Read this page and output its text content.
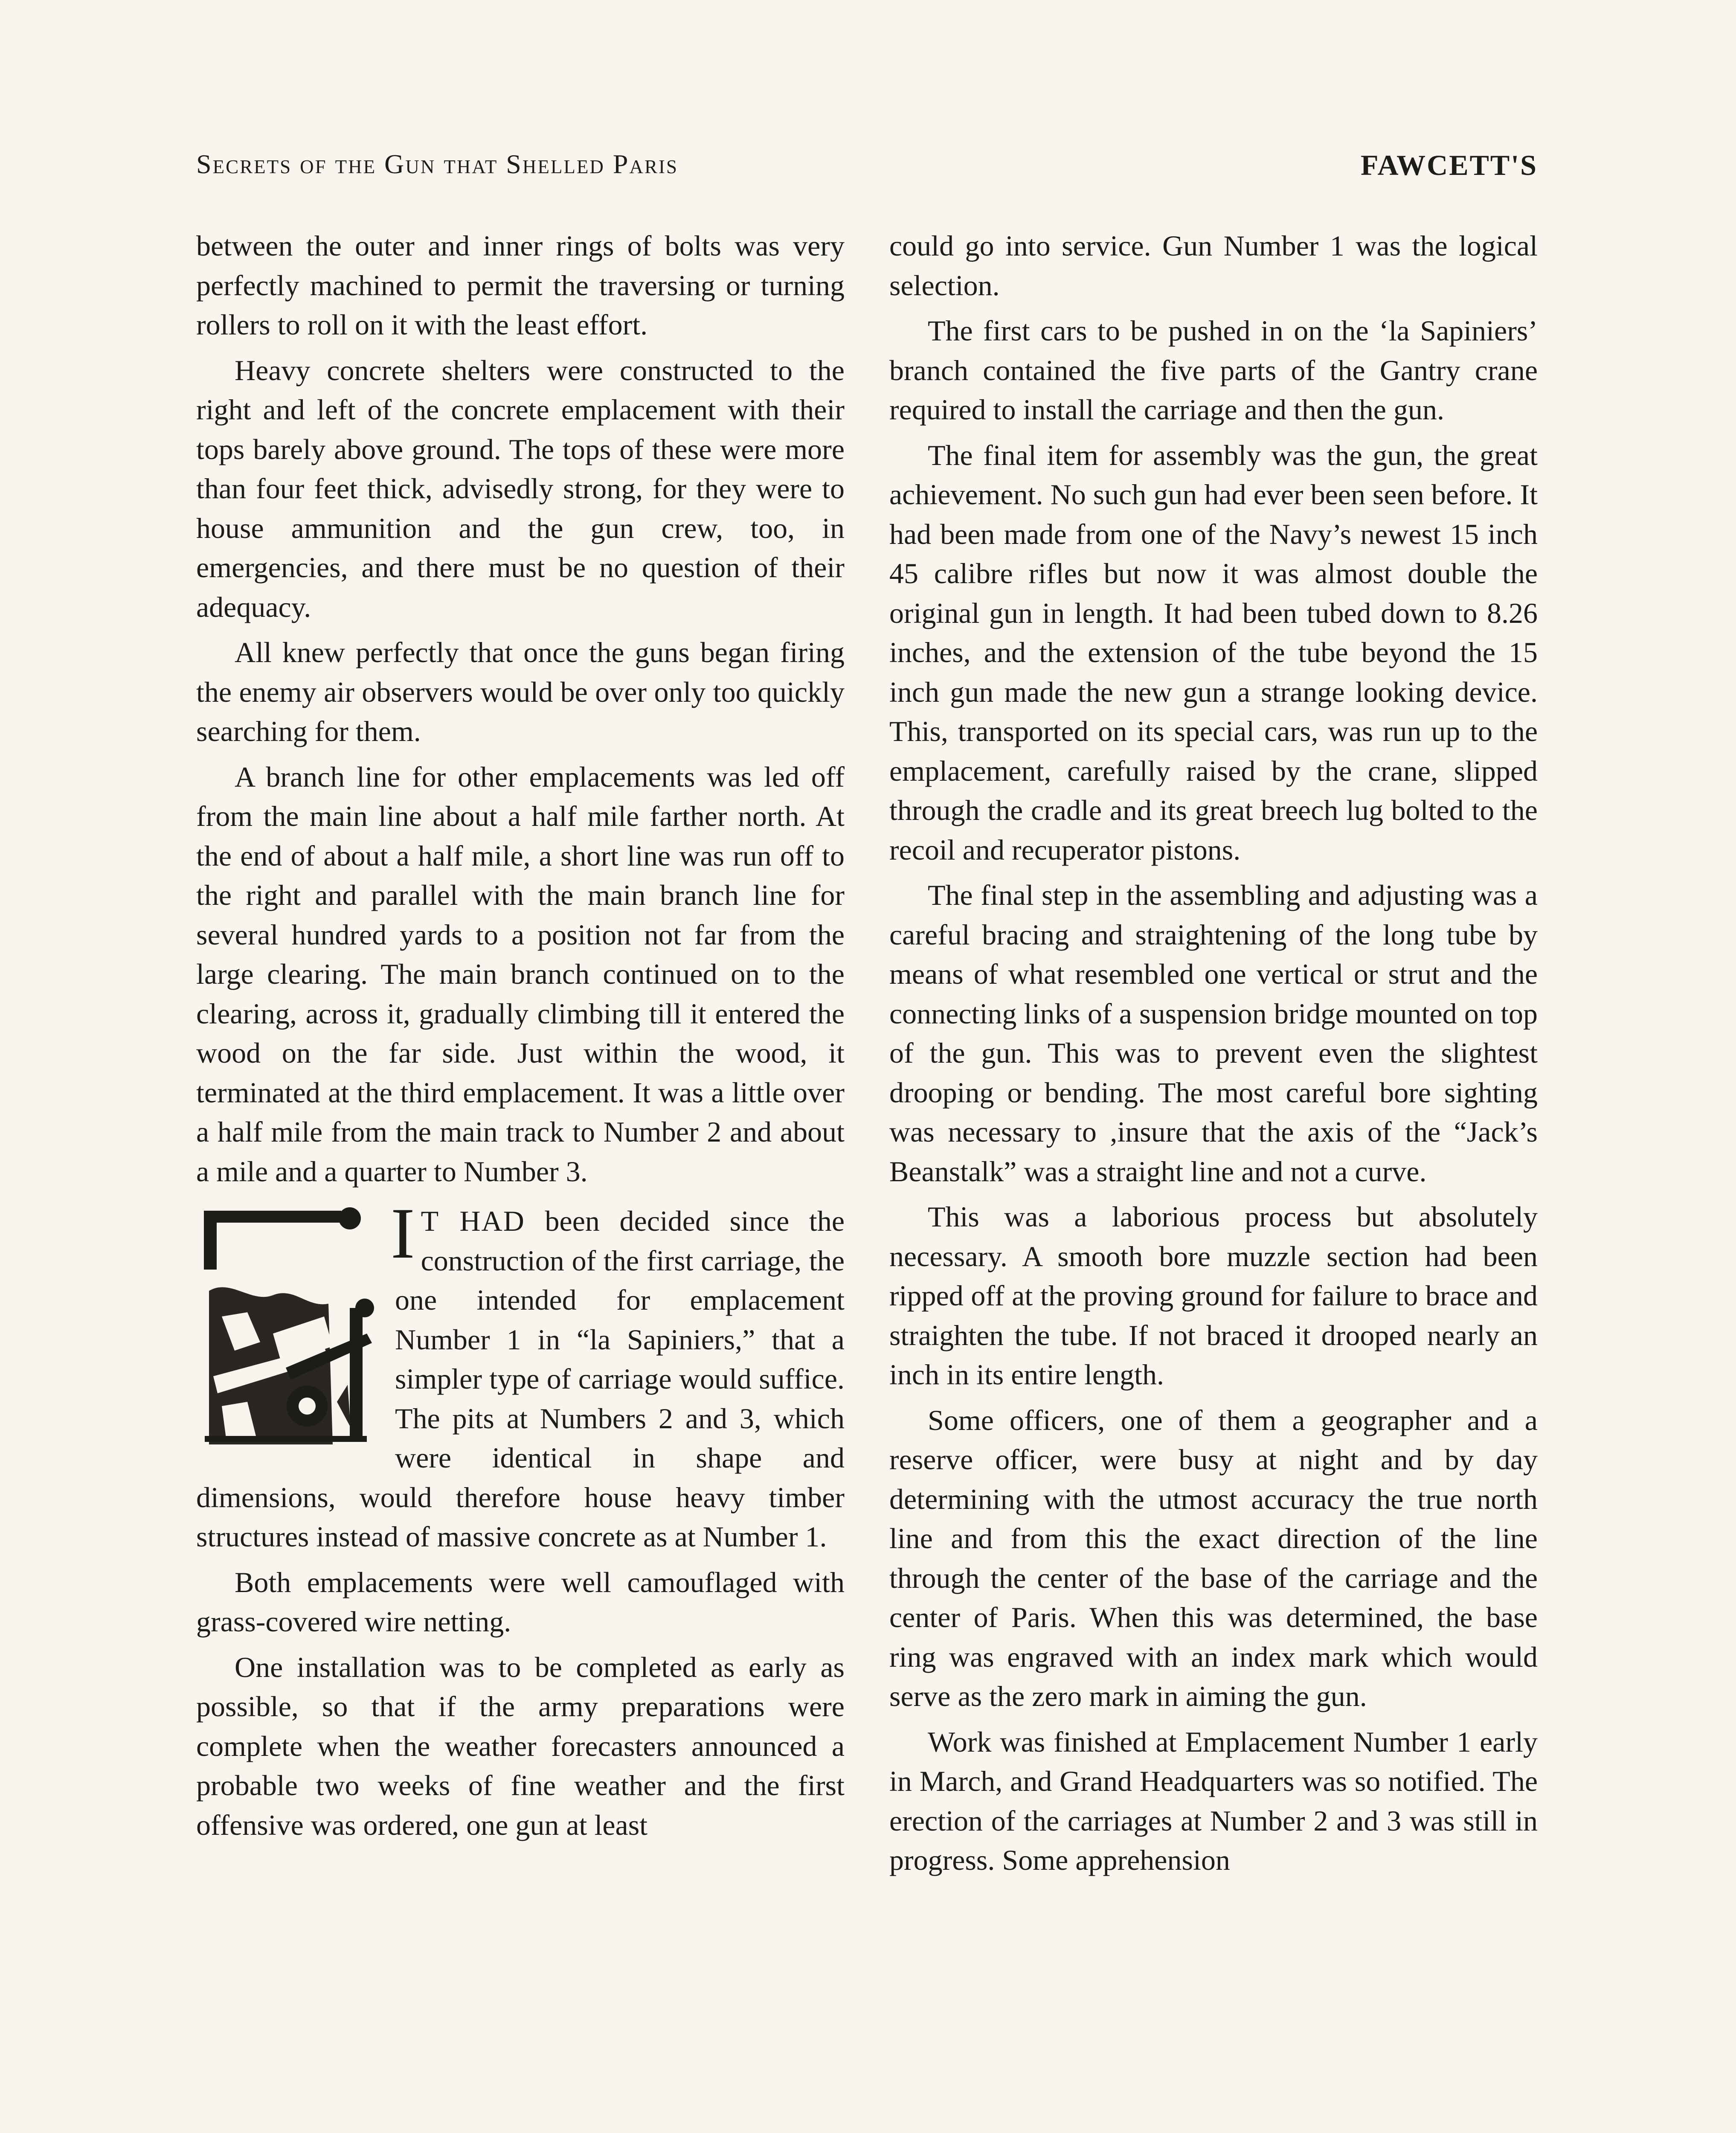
Secrets of the Gun that Shelled Paris	FAWCETT'S

between the outer and inner rings of bolts was very perfectly machined to permit the traversing or turning rollers to roll on it with the least effort.

Heavy concrete shelters were constructed to the right and left of the concrete emplacement with their tops barely above ground. The tops of these were more than four feet thick, advisedly strong, for they were to house ammunition and the gun crew, too, in emergencies, and there must be no question of their adequacy.

All knew perfectly that once the guns began firing the enemy air observers would be over only too quickly searching for them.

A branch line for other emplacements was led off from the main line about a half mile farther north. At the end of about a half mile, a short line was run off to the right and parallel with the main branch line for several hundred yards to a position not far from the large clearing. The main branch continued on to the clearing, across it, gradually climbing till it entered the wood on the far side. Just within the wood, it terminated at the third emplacement. It was a little over a half mile from the main track to Number 2 and about a mile and a quarter to Number 3.

I T HAD been decided since the construction of the first carriage, the one intended for emplacement Number 1 in “la Sapiniers,” that a simpler type of carriage would suffice. The pits at Numbers 2 and 3, which were identical in shape and dimensions, would therefore house heavy timber structures instead of massive concrete as at Number 1.

Both emplacements were well camouflaged with grass-covered wire netting.

One installation was to be completed as early as possible, so that if the army preparations were complete when the weather forecasters announced a probable two weeks of fine weather and the first offensive was ordered, one gun at least

could go into service. Gun Number 1 was the logical selection.

The first cars to be pushed in on the ‘la Sapiniers’ branch contained the five parts of the Gantry crane required to install the carriage and then the gun.

The final item for assembly was the gun, the great achievement. No such gun had ever been seen before. It had been made from one of the Navy’s newest 15 inch 45 calibre rifles but now it was almost double the original gun in length. It had been tubed down to 8.26 inches, and the extension of the tube beyond the 15 inch gun made the new gun a strange looking device. This, transported on its special cars, was run up to the emplacement, carefully raised by the crane, slipped through the cradle and its great breech lug bolted to the recoil and recuperator pistons.

The final step in the assembling and adjusting was a careful bracing and straightening of the long tube by means of what resembled one vertical or strut and the connecting links of a suspension bridge mounted on top of the gun. This was to prevent even the slightest drooping or bending. The most careful bore sighting was necessary to ,insure that the axis of the “Jack’s Beanstalk” was a straight line and not a curve.

This was a laborious process but absolutely necessary. A smooth bore muzzle section had been ripped off at the proving ground for failure to brace and straighten the tube. If not braced it drooped nearly an inch in its entire length.

Some officers, one of them a geographer and a reserve officer, were busy at night and by day determining with the utmost accuracy the true north line and from this the exact direction of the line through the center of the base of the carriage and the center of Paris. When this was determined, the base ring was engraved with an index mark which would serve as the zero mark in aiming the gun.

Work was finished at Emplacement Number 1 early in March, and Grand Headquarters was so notified. The erection of the carriages at Number 2 and 3 was still in progress. Some apprehension
